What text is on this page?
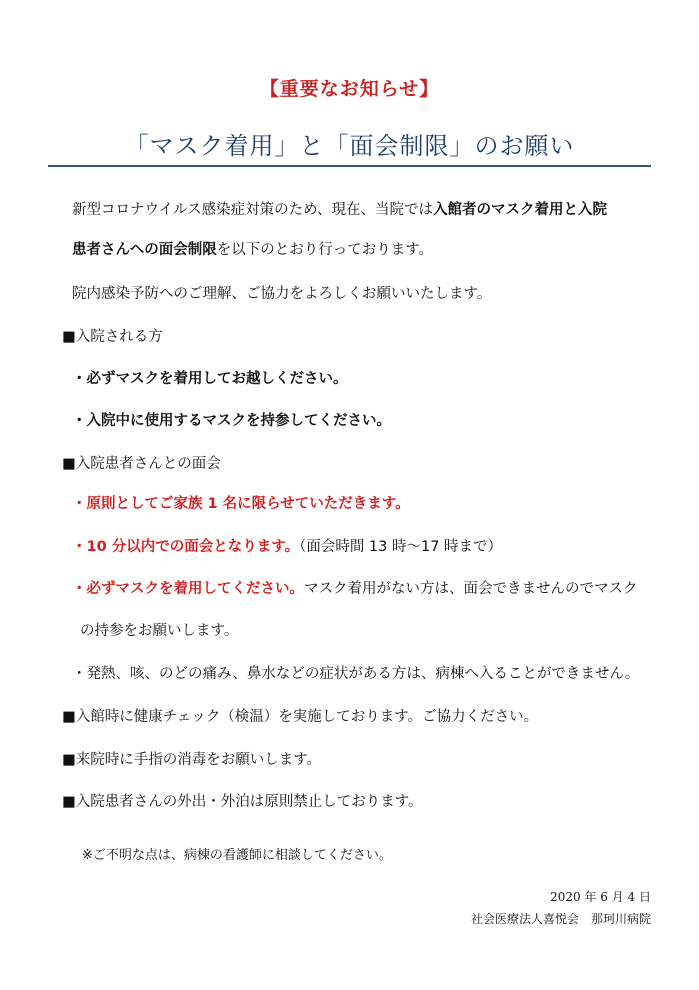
【重要なお知らせ】
「マスク着用」と「面会制限」のお願い
新型コロナウイルス感染症対策のため、現在、当院では入館者のマスク着用と入院
患者さんへの面会制限を以下のとおり行っております。
院内感染予防へのご理解、ご協力をよろしくお願いいたします。
■入院される方
・必ずマスクを着用してお越しください。
・入院中に使用するマスクを持参してください。
■入院患者さんとの面会
・原則としてご家族 1 名に限らせていただきます。
・10 分以内での面会となります。（面会時間 13 時〜17 時まで）
・必ずマスクを着用してください。マスク着用がない方は、面会できませんのでマスク
の持参をお願いします。
・発熱、咳、のどの痛み、鼻水などの症状がある方は、病棟へ入ることができません。
■入館時に健康チェック（検温）を実施しております。ご協力ください。
■来院時に手指の消毒をお願いします。
■入院患者さんの外出・外泊は原則禁止しております。
※ご不明な点は、病棟の看護師に相談してください。
2020 年 6 月 4 日
社会医療法人喜悦会　那珂川病院
